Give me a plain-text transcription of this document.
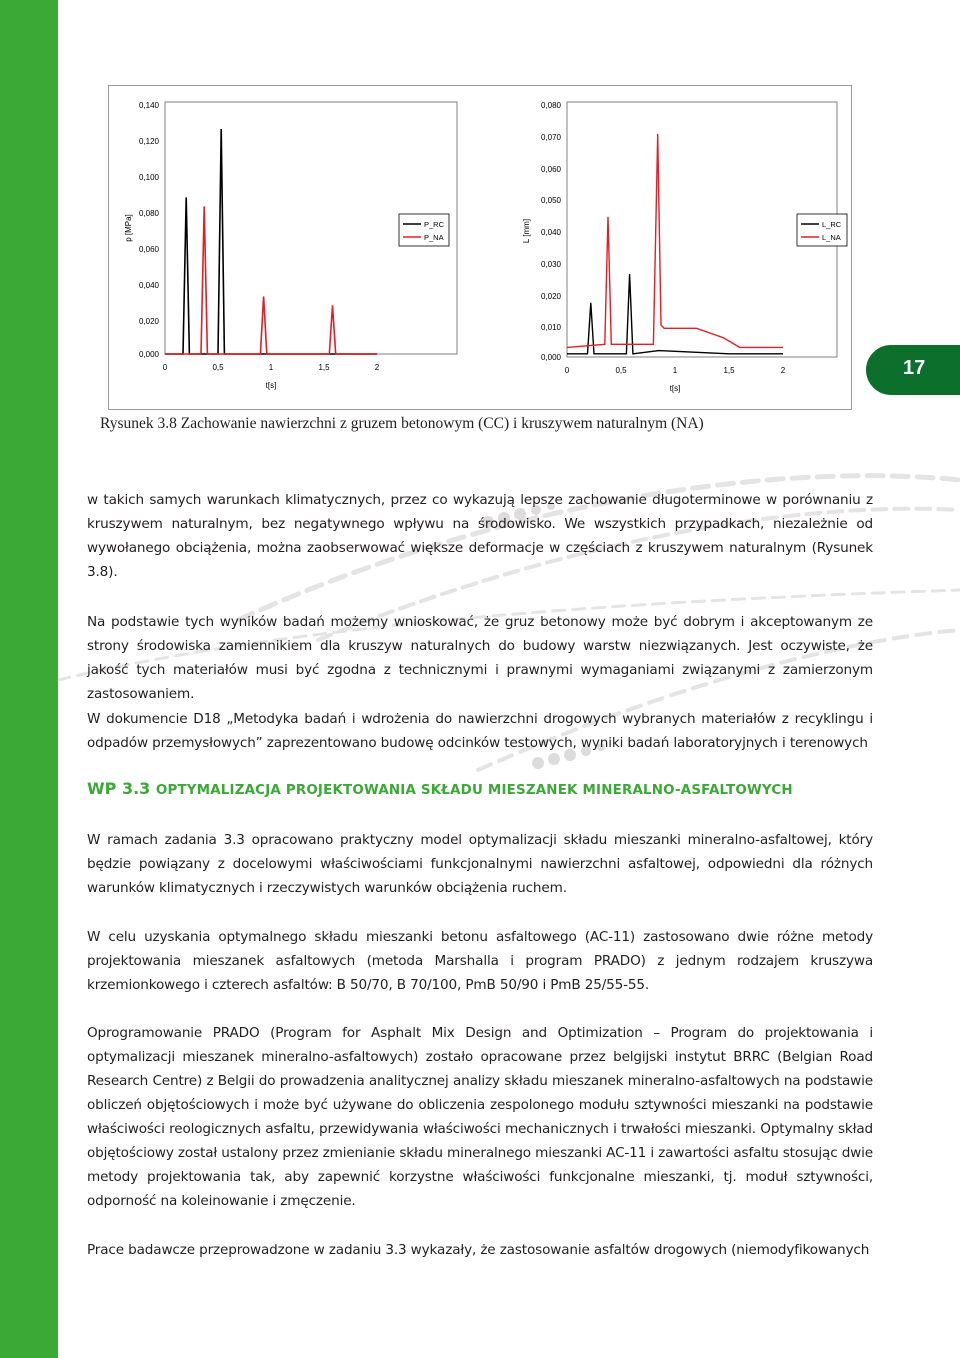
17
0,140
0,120
0,100
0,080
0,060
0,040
0,020
0,000
0	0,5	1	1,5	2
t[s]
p [MPa]	P_RC
P_NA
0,080
0,070
0,060
0,050
0,040
0,030
0,020
0,010
0,000
0	0,5	1	1,5	2
t[s]
L [mm]	L_RC
L_NA
Rysunek 3.8 Zachowanie nawierzchni z gruzem betonowym (CC) i kruszywem naturalnym (NA)

w takich samych warunkach klimatycznych, przez co wykazują lepsze zachowanie długoterminowe w porównaniu z kruszywem naturalnym, bez negatywnego wpływu na środowisko. We wszystkich przypadkach, niezależnie od wywołanego obciążenia, można zaobserwować większe deformacje w częściach z kruszywem naturalnym (Rysunek 3.8).

Na podstawie tych wyników badań możemy wnioskować, że gruz betonowy może być dobrym i akceptowanym ze strony środowiska zamiennikiem dla kruszyw naturalnych do budowy warstw niezwiązanych. Jest oczywiste, że jakość tych materiałów musi być zgodna z technicznymi i prawnymi wymaganiami związanymi z zamierzonym zastosowaniem.

W dokumencie D18 „Metodyka badań i wdrożenia do nawierzchni drogowych wybranych materiałów z recyklingu i odpadów przemysłowych” zaprezentowano budowę odcinków testowych, wyniki badań laboratoryjnych i terenowych

WP 3.3 OPTYMALIZACJA PROJEKTOWANIA SKŁADU MIESZANEK MINERALNO-ASFALTOWYCH

W ramach zadania 3.3 opracowano praktyczny model optymalizacji składu mieszanki mineralno-asfaltowej, który będzie powiązany z docelowymi właściwościami funkcjonalnymi nawierzchni asfaltowej, odpowiedni dla różnych warunków klimatycznych i rzeczywistych warunków obciążenia ruchem.

W celu uzyskania optymalnego składu mieszanki betonu asfaltowego (AC-11) zastosowano dwie różne metody projektowania mieszanek asfaltowych (metoda Marshalla i program PRADO) z jednym rodzajem kruszywa krzemionkowego i czterech asfaltów: B 50/70, B 70/100, PmB 50/90 i PmB 25/55-55.

Oprogramowanie PRADO (Program for Asphalt Mix Design and Optimization – Program do projektowania i optymalizacji mieszanek mineralno-asfaltowych) zostało opracowane przez belgijski instytut BRRC (Belgian Road Research Centre) z Belgii do prowadzenia analitycznej analizy składu mieszanek mineralno-asfaltowych na podstawie obliczeń objętościowych i może być używane do obliczenia zespolonego modułu sztywności mieszanki na podstawie właściwości reologicznych asfaltu, przewidywania właściwości mechanicznych i trwałości mieszanki. Optymalny skład objętościowy został ustalony przez zmienianie składu mineralnego mieszanki AC-11 i zawartości asfaltu stosując dwie metody projektowania tak, aby zapewnić korzystne właściwości funkcjonalne mieszanki, tj. moduł sztywności, odporność na koleinowanie i zmęczenie.

Prace badawcze przeprowadzone w zadaniu 3.3 wykazały, że zastosowanie asfaltów drogowych (niemodyfikowanych
